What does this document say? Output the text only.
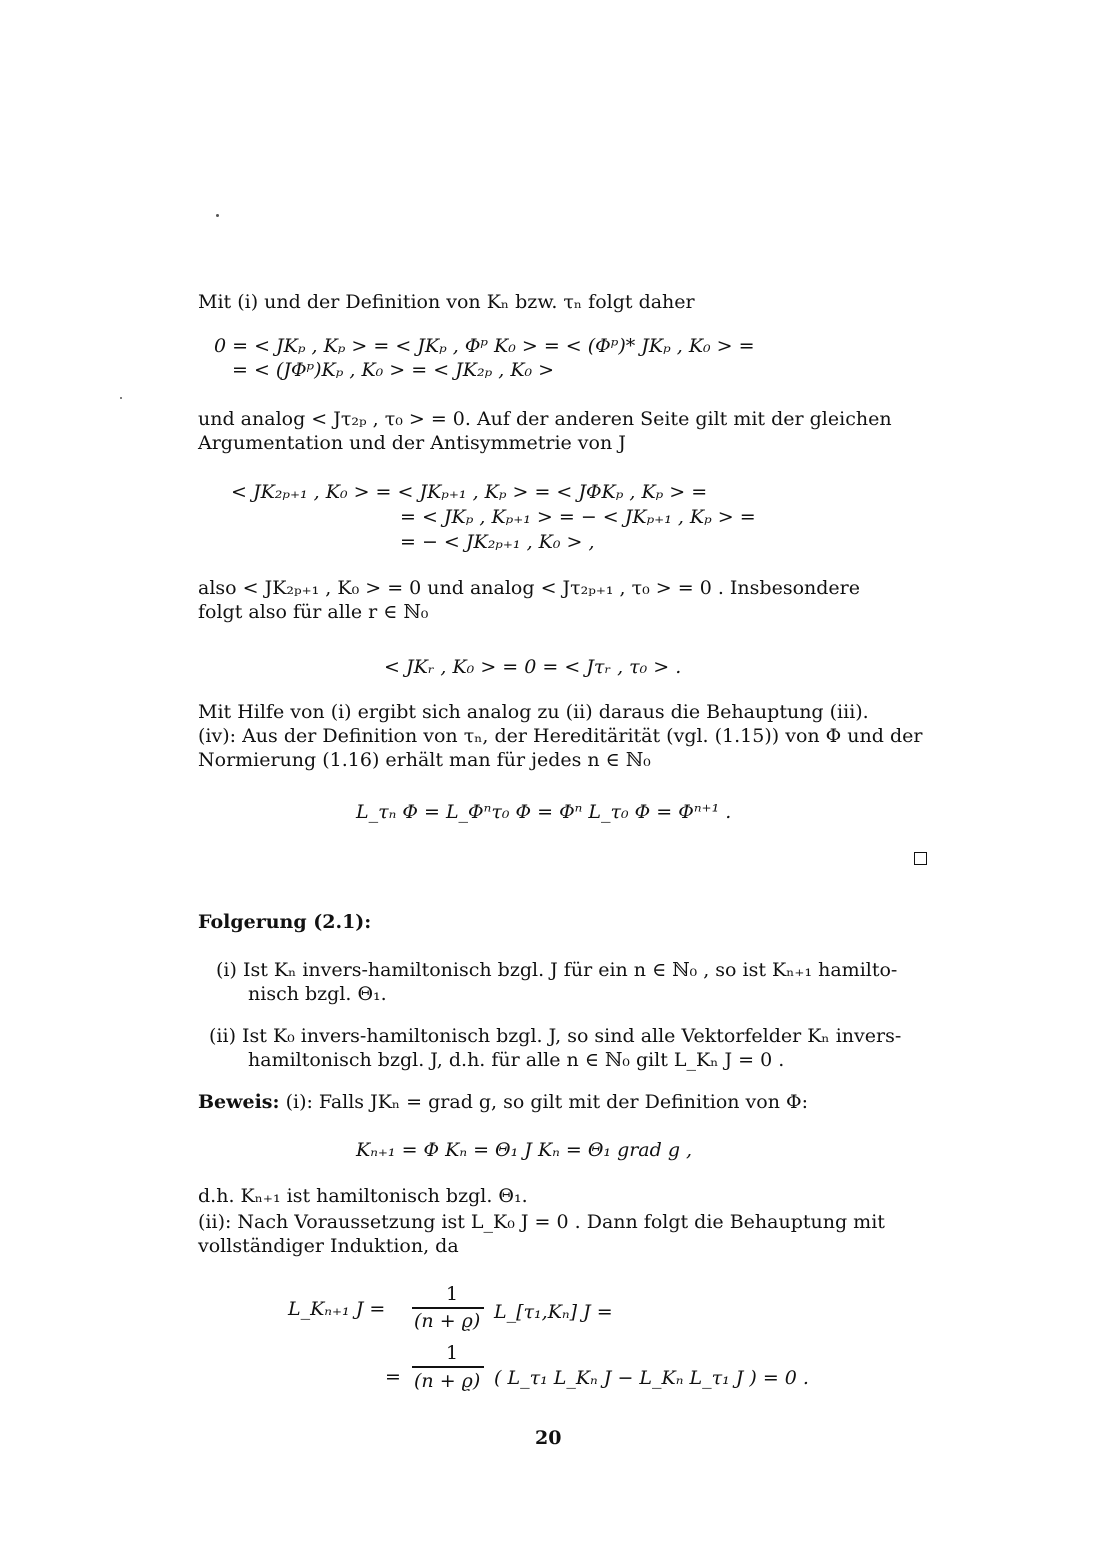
Mit (i) und der Definition von Kₙ bzw. τₙ folgt daher
0 = < JKₚ , Kₚ > = < JKₚ , Φᵖ K₀ > = < (Φᵖ)* JKₚ , K₀ > =
= < (JΦᵖ)Kₚ , K₀ > = < JK₂ₚ , K₀ >
und analog < Jτ₂ₚ , τ₀ > = 0. Auf der anderen Seite gilt mit der gleichen
Argumentation und der Antisymmetrie von J
< JK₂ₚ₊₁ , K₀ > = < JKₚ₊₁ , Kₚ > = < JΦKₚ , Kₚ > =
= < JKₚ , Kₚ₊₁ > = − < JKₚ₊₁ , Kₚ > =
= − < JK₂ₚ₊₁ , K₀ > ,
also < JK₂ₚ₊₁ , K₀ > = 0 und analog < Jτ₂ₚ₊₁ , τ₀ > = 0 . Insbesondere
folgt also für alle r ∈ ℕ₀
< JKᵣ , K₀ > = 0 = < Jτᵣ , τ₀ > .
Mit Hilfe von (i) ergibt sich analog zu (ii) daraus die Behauptung (iii).
(iv): Aus der Definition von τₙ, der Hereditärität (vgl. (1.15)) von Φ und der
Normierung (1.16) erhält man für jedes n ∈ ℕ₀
L_τₙ Φ = L_Φⁿτ₀ Φ = Φⁿ L_τ₀ Φ = Φⁿ⁺¹ .
Folgerung (2.1):
(i) Ist Kₙ invers-hamiltonisch bzgl. J für ein n ∈ ℕ₀ , so ist Kₙ₊₁ hamilto-
nisch bzgl. Θ₁.
(ii) Ist K₀ invers-hamiltonisch bzgl. J, so sind alle Vektorfelder Kₙ invers-
hamiltonisch bzgl. J, d.h. für alle n ∈ ℕ₀ gilt L_Kₙ J = 0 .
Beweis: (i): Falls JKₙ = grad g, so gilt mit der Definition von Φ:
Kₙ₊₁ = Φ Kₙ = Θ₁ J Kₙ = Θ₁ grad g ,
d.h. Kₙ₊₁ ist hamiltonisch bzgl. Θ₁.
(ii): Nach Voraussetzung ist L_K₀ J = 0 . Dann folgt die Behauptung mit
vollständiger Induktion, da
L_Kₙ₊₁ J =
1
(n + ϱ) L_[τ₁,Kₙ] J =
=
1
(n + ϱ) ( L_τ₁ L_Kₙ J − L_Kₙ L_τ₁ J ) = 0 .
20
